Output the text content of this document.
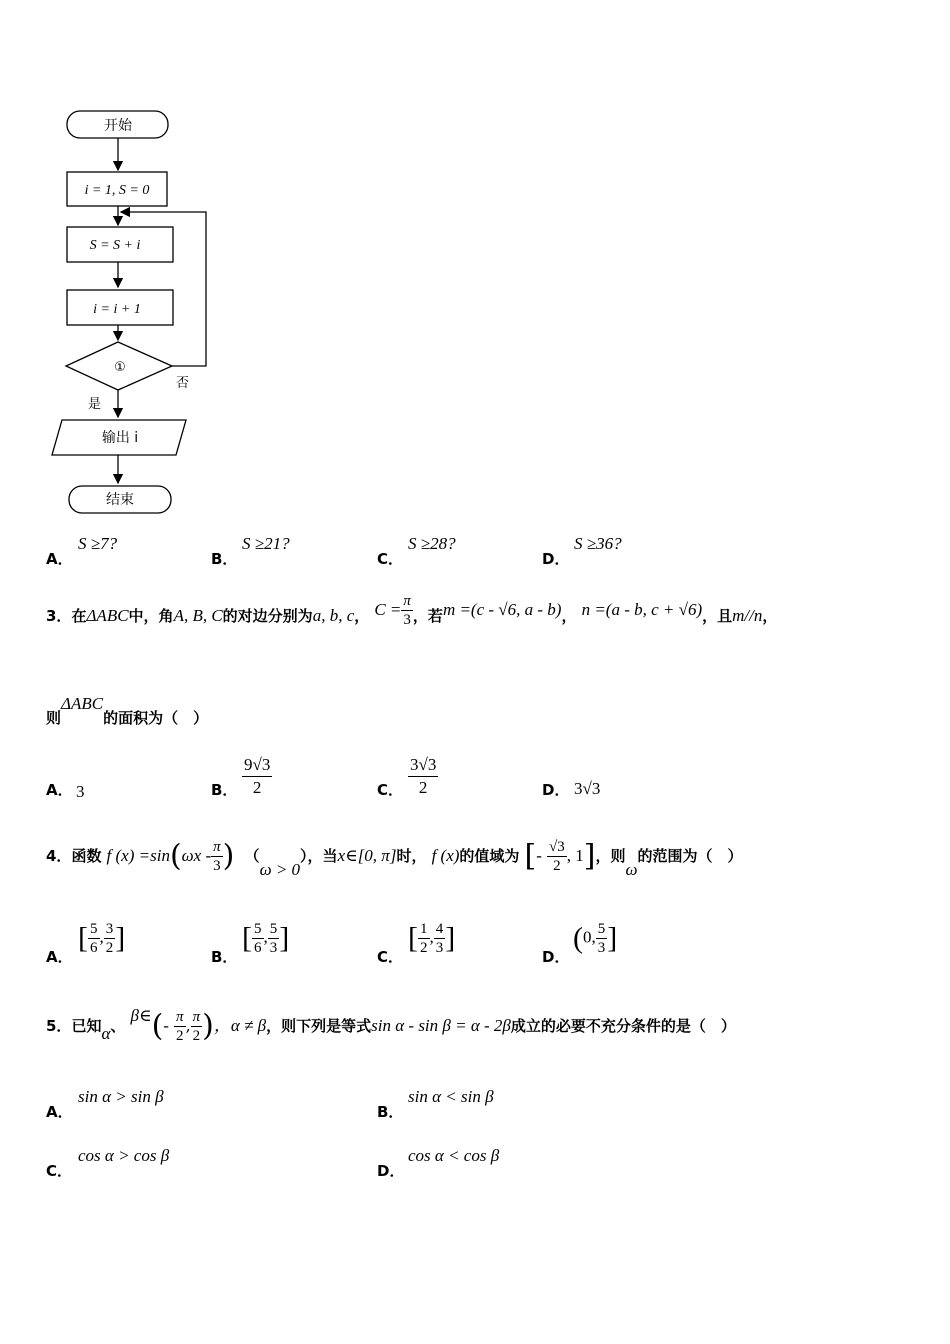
开始
i = 1, S = 0
S = S + i
i = i + 1
①
否
是
输出 i
结束
A．
S ≥7?
B．
S ≥21?
C．
S ≥28?
D．
S ≥36?
3．在ΔABC中，角A, B, C的对边分别为a, b, c， $C = \frac{\pi}{3}$ ，若m =(c - √6, a - b)， n =(a - b, c + √6)，且m//n，
则ΔABC的面积为（　）
A． 3	B． $\frac{9√3}{2}$	C． $\frac{3√3}{2}$	D． 3√3
4．函数 f $(x) =\sin(\omega x - \frac{\pi}{3}$ ) （ω > 0），当x∈[0, π]时， f (x)的值域为 [- $\frac{√3}{2}$ , 1]，则ω的范围为（　）
A．
[ $\frac{5}{6}$ , $\frac{3}{2}$ ]
B．
[ $\frac{5}{6}$ , $\frac{5}{3}$ ]
C．
[ $\frac{1}{2}$ , $\frac{4}{3}$ ]
D．
(0, $\frac{5}{3}$ ]
5．已知α、 β∈(- $\frac{\pi}{2}$ , $\frac{\pi}{2}$ )，α ≠ β，则下列是等式sin α - sin β = α - 2β成立的必要不充分条件的是（　）
A．
sin α > sin β
B．
sin α < sin β
C．
cos α > cos β
D．
cos α < cos β
